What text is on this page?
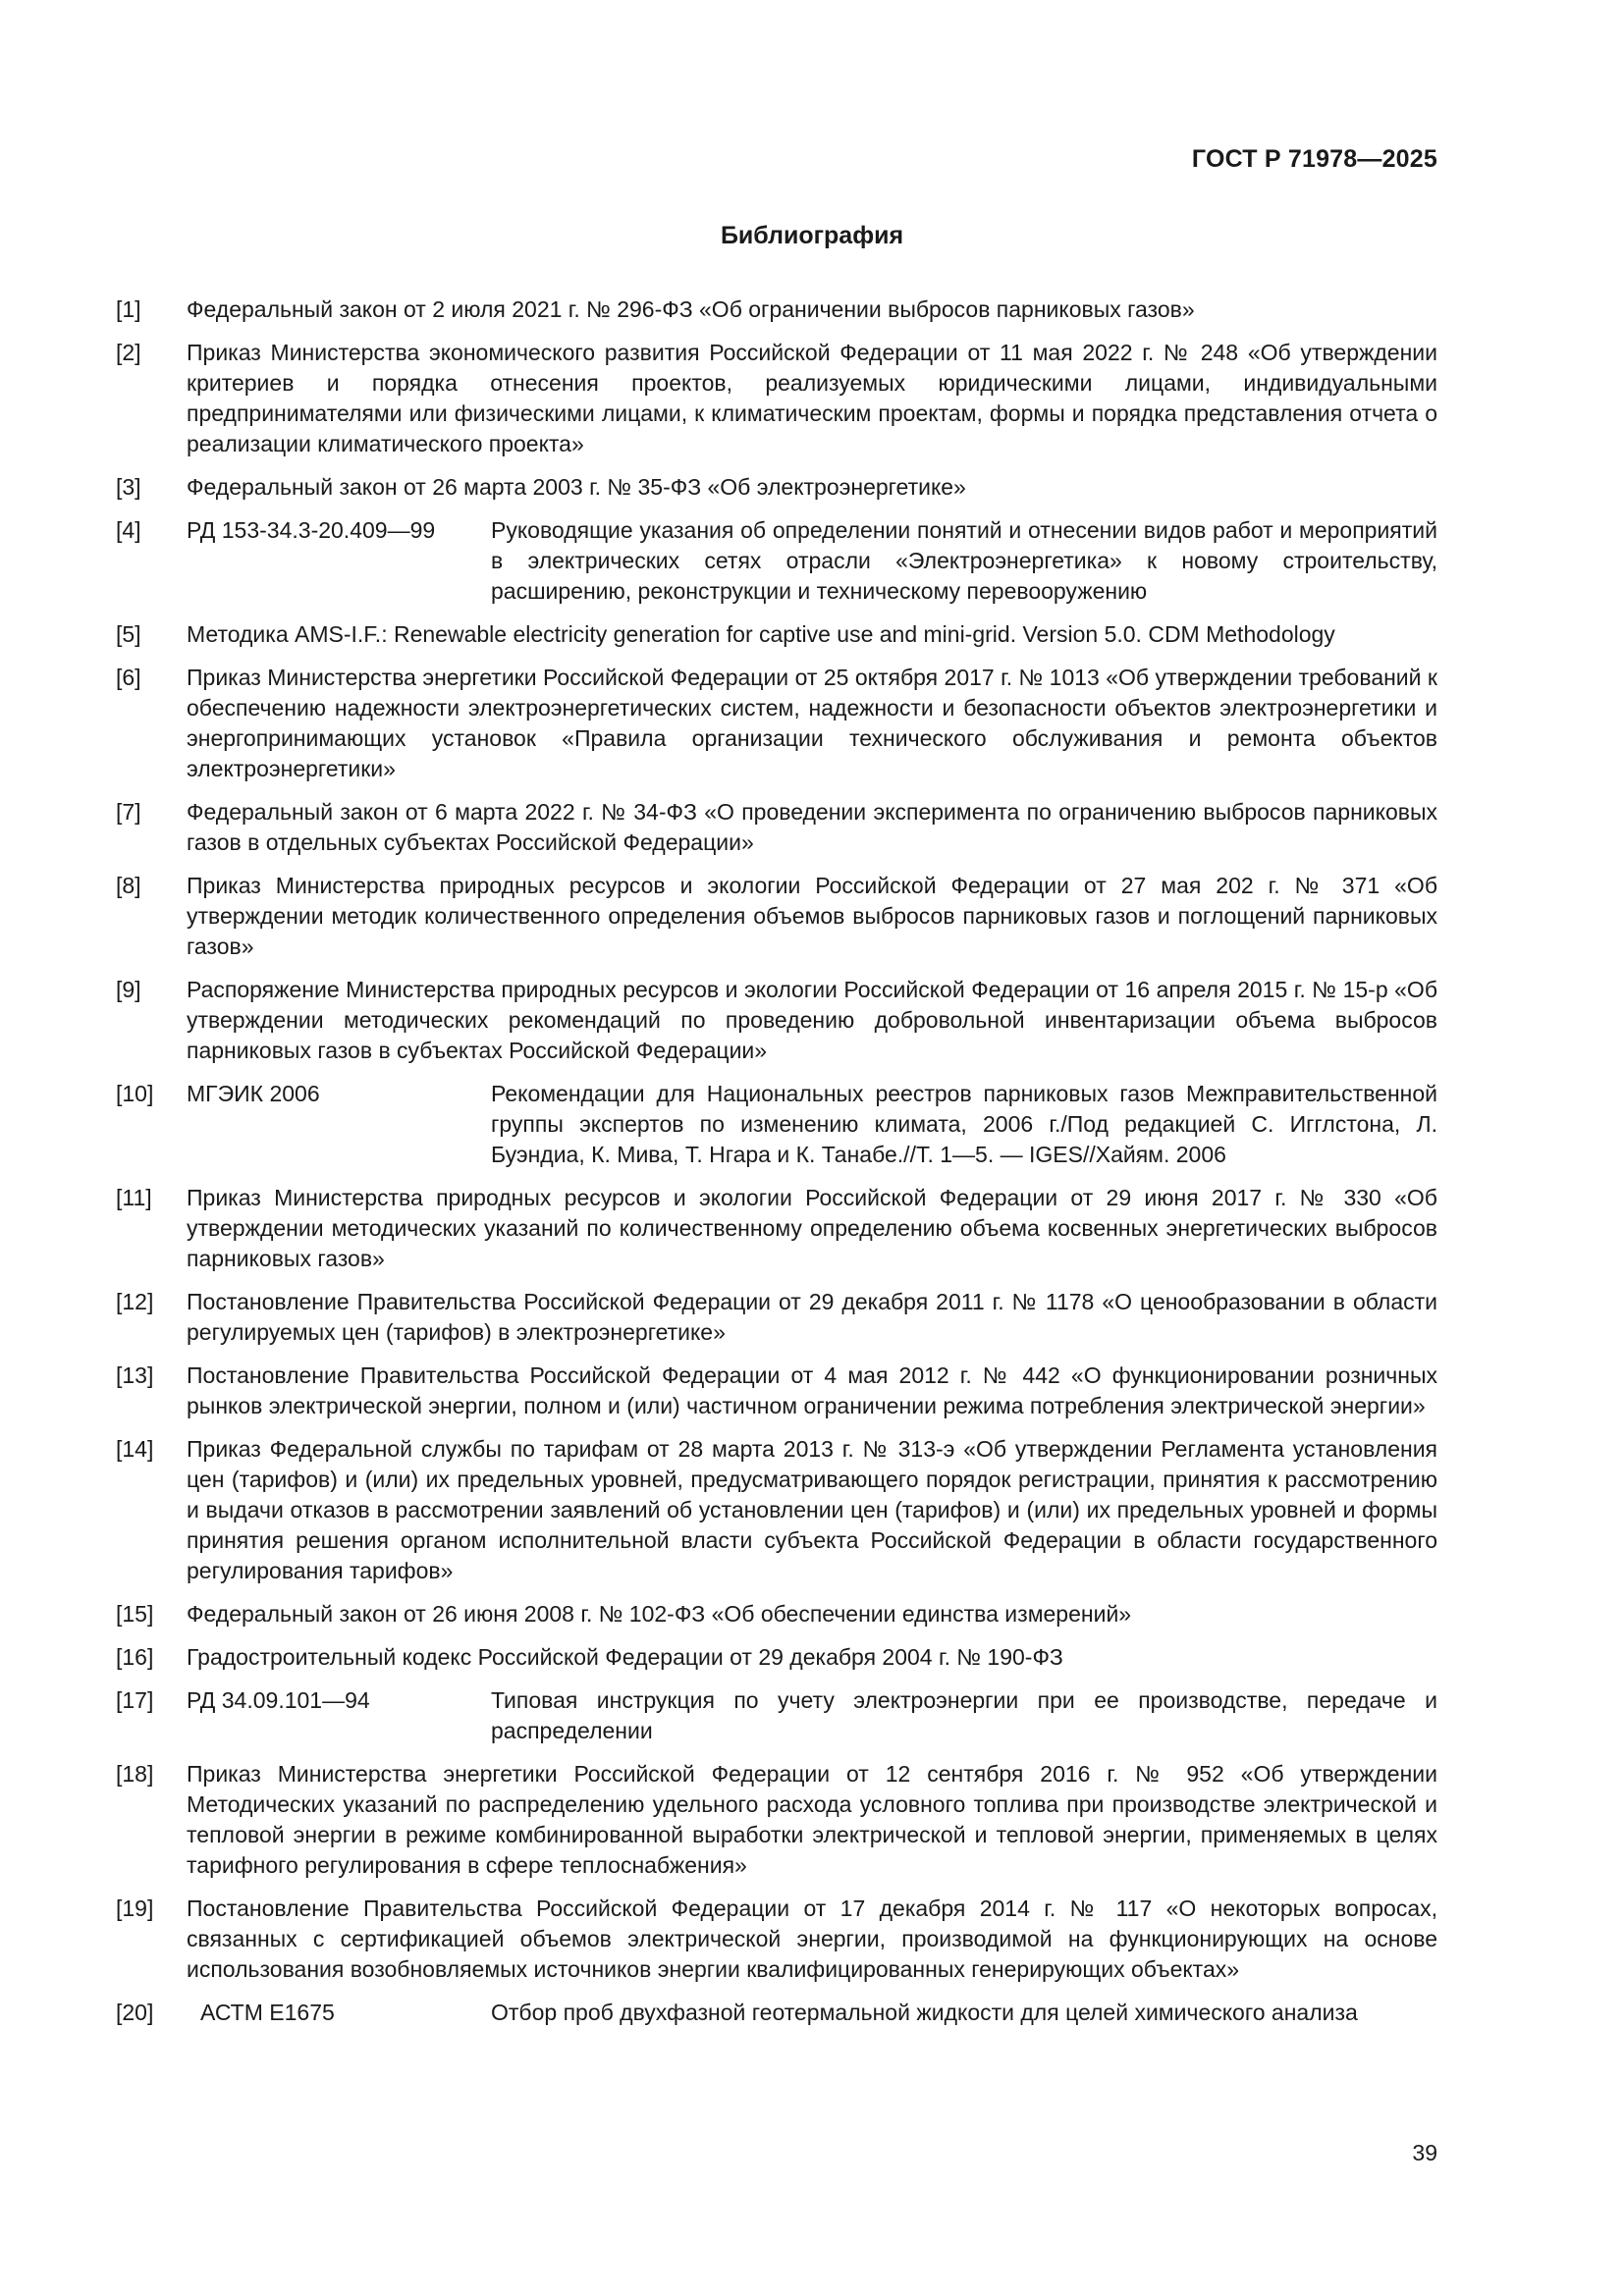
ГОСТ Р 71978—2025
Библиография
[1]	Федеральный закон от 2 июля 2021 г. № 296-ФЗ «Об ограничении выбросов парниковых газов»
[2]	Приказ Министерства экономического развития Российской Федерации от 11 мая 2022 г. № 248 «Об утверждении критериев и порядка отнесения проектов, реализуемых юридическими лицами, индивидуальными предпринимателями или физическими лицами, к климатическим проектам, формы и порядка представления отчета о реализации климатического проекта»
[3]	Федеральный закон от 26 марта 2003 г. № 35-ФЗ «Об электроэнергетике»
[4]	РД 153-34.3-20.409—99	Руководящие указания об определении понятий и отнесении видов работ и мероприятий в электрических сетях отрасли «Электроэнергетика» к новому строительству, расширению, реконструкции и техническому перевооружению
[5]	Методика AMS-I.F.: Renewable electricity generation for captive use and mini-grid. Version 5.0. CDM Methodology
[6]	Приказ Министерства энергетики Российской Федерации от 25 октября 2017 г. № 1013 «Об утверждении требований к обеспечению надежности электроэнергетических систем, надежности и безопасности объектов электроэнергетики и энергопринимающих установок «Правила организации технического обслуживания и ремонта объектов электроэнергетики»
[7]	Федеральный закон от 6 марта 2022 г. № 34-ФЗ «О проведении эксперимента по ограничению выбросов парниковых газов в отдельных субъектах Российской Федерации»
[8]	Приказ Министерства природных ресурсов и экологии Российской Федерации от 27 мая 202 г. № 371 «Об утверждении методик количественного определения объемов выбросов парниковых газов и поглощений парниковых газов»
[9]	Распоряжение Министерства природных ресурсов и экологии Российской Федерации от 16 апреля 2015 г. № 15-р «Об утверждении методических рекомендаций по проведению добровольной инвентаризации объема выбросов парниковых газов в субъектах Российской Федерации»
[10]	МГЭИК 2006	Рекомендации для Национальных реестров парниковых газов Межправительственной группы экспертов по изменению климата, 2006 г./Под редакцией С. Игглстона, Л. Буэндиа, К. Мива, Т. Нгара и К. Танабе.//Т. 1—5. — IGES//Хайям. 2006
[11]	Приказ Министерства природных ресурсов и экологии Российской Федерации от 29 июня 2017 г. № 330 «Об утверждении методических указаний по количественному определению объема косвенных энергетических выбросов парниковых газов»
[12]	Постановление Правительства Российской Федерации от 29 декабря 2011 г. № 1178 «О ценообразовании в области регулируемых цен (тарифов) в электроэнергетике»
[13]	Постановление Правительства Российской Федерации от 4 мая 2012 г. № 442 «О функционировании розничных рынков электрической энергии, полном и (или) частичном ограничении режима потребления электрической энергии»
[14]	Приказ Федеральной службы по тарифам от 28 марта 2013 г. № 313-э «Об утверждении Регламента установления цен (тарифов) и (или) их предельных уровней, предусматривающего порядок регистрации, принятия к рассмотрению и выдачи отказов в рассмотрении заявлений об установлении цен (тарифов) и (или) их предельных уровней и формы принятия решения органом исполнительной власти субъекта Российской Федерации в области государственного регулирования тарифов»
[15]	Федеральный закон от 26 июня 2008 г. № 102-ФЗ «Об обеспечении единства измерений»
[16]	Градостроительный кодекс Российской Федерации от 29 декабря 2004 г. № 190-ФЗ
[17]	РД 34.09.101—94	Типовая инструкция по учету электроэнергии при ее производстве, передаче и распределении
[18]	Приказ Министерства энергетики Российской Федерации от 12 сентября 2016 г. № 952 «Об утверждении Методических указаний по распределению удельного расхода условного топлива при производстве электрической и тепловой энергии в режиме комбинированной выработки электрической и тепловой энергии, применяемых в целях тарифного регулирования в сфере теплоснабжения»
[19]	Постановление Правительства Российской Федерации от 17 декабря 2014 г. № 117 «О некоторых вопросах, связанных с сертификацией объемов электрической энергии, производимой на функционирующих на основе использования возобновляемых источников энергии квалифицированных генерирующих объектах»
[20]	АСТМ Е1675	Отбор проб двухфазной геотермальной жидкости для целей химического анализа
39
